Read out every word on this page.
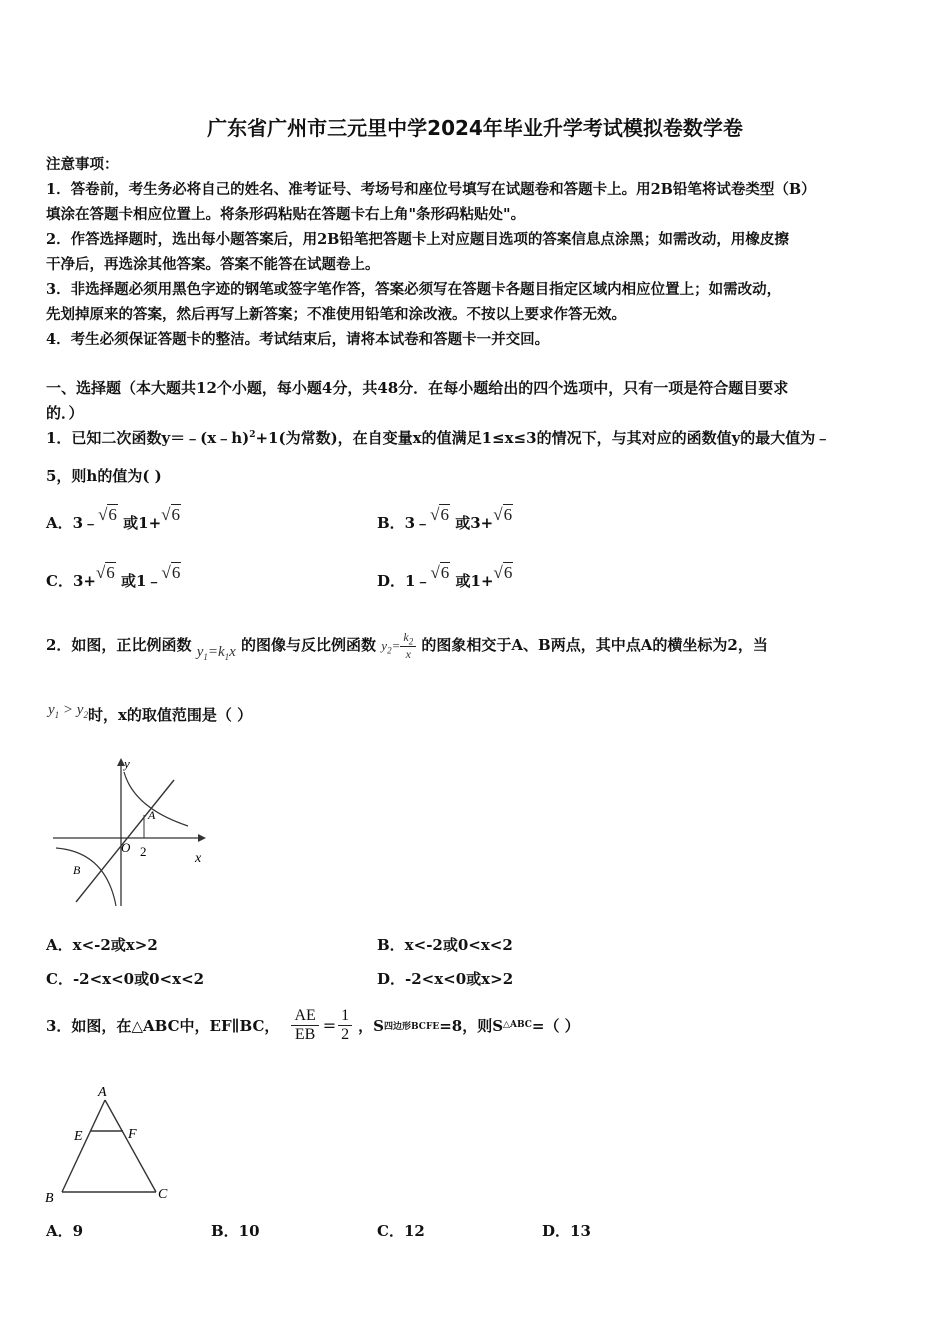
广东省广州市三元里中学2024年毕业升学考试模拟卷数学卷
注意事项：
1．答卷前，考生务必将自己的姓名、准考证号、考场号和座位号填写在试题卷和答题卡上。用2B铅笔将试卷类型（B）
填涂在答题卡相应位置上。将条形码粘贴在答题卡右上角"条形码粘贴处"。
2．作答选择题时，选出每小题答案后，用2B铅笔把答题卡上对应题目选项的答案信息点涂黑；如需改动，用橡皮擦
干净后，再选涂其他答案。答案不能答在试题卷上。
3．非选择题必须用黑色字迹的钢笔或签字笔作答，答案必须写在答题卡各题目指定区域内相应位置上；如需改动，
先划掉原来的答案，然后再写上新答案；不准使用铅笔和涂改液。不按以上要求作答无效。
4．考生必须保证答题卡的整洁。考试结束后，请将本试卷和答题卡一并交回。
一、选择题（本大题共12个小题，每小题4分，共48分．在每小题给出的四个选项中，只有一项是符合题目要求
的．）
1．已知二次函数y＝﹣(x﹣h)$^2$+1(为常数)，在自变量x的值满足1≤x≤3的情况下，与其对应的函数值y的最大值为﹣
5，则h的值为( )
A．3﹣√6 或1+√6	B．3﹣√6 或3+√6
C．3+√6 或1﹣√6	D．1﹣√6 或1+√6
2．如图，正比例函数 $y_1=k_1x$ 的图像与反比例函数 $y_2= \frac{k_2}{x}$ 的图象相交于A、B两点，其中点A的横坐标为2，当
$y_1 > y_2$时，x的取值范围是（ ）
y
x
O
A
B
2
A．x<-2或x>2	B．x<-2或0<x<2
C．-2<x<0或0<x<2	D．-2<x<0或x>2
3．如图，在△ABC中，EF∥BC， $\frac{AE}{EB} = \frac{1}{2}$ ，S 四边形BCFE =8，则S △ABC =（ ）
A
E	F
B	C
A．9	B．10	C．12	D．13
